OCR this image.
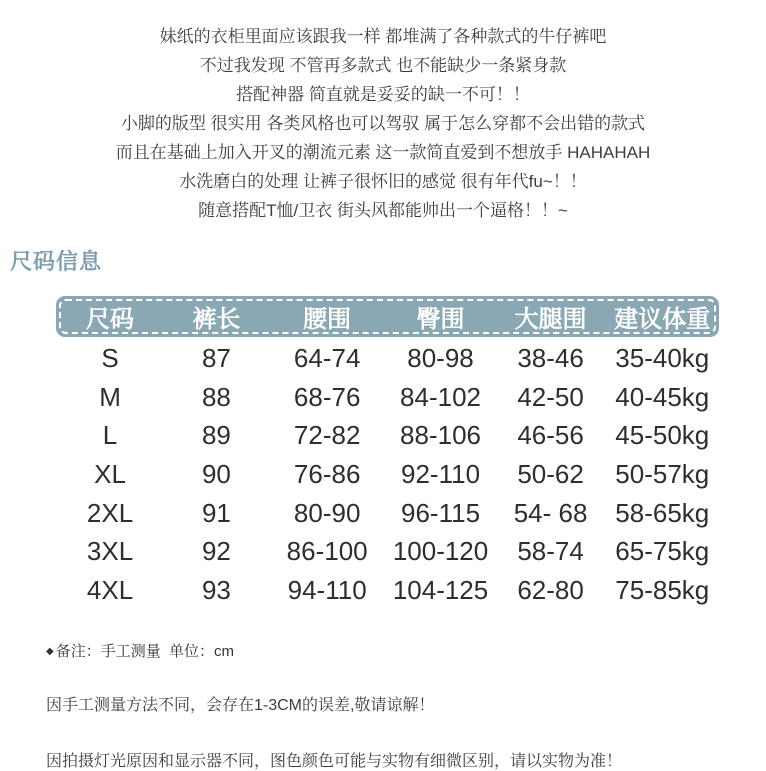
妹纸的衣柜里面应该跟我一样 都堆满了各种款式的牛仔裤吧

不过我发现 不管再多款式 也不能缺少一条紧身款

搭配神器 简直就是妥妥的缺一不可！！

小脚的版型 很实用 各类风格也可以驾驭 属于怎么穿都不会出错的款式

而且在基础上加入开叉的潮流元素 这一款简直爱到不想放手 HAHAHAH

水洗磨白的处理 让裤子很怀旧的感觉 很有年代fu~！！

随意搭配T恤/卫衣 街头风都能帅出一个逼格！！~

尺码信息
尺码	裤长	腰围	臀围	大腿围	建议体重
S	87	64-74	80-98	38-46	35-40kg
M	88	68-76	84-102	42-50	40-45kg
L	89	72-82	88-106	46-56	45-50kg
XL	90	76-86	92-110	50-62	50-57kg
2XL	91	80-90	96-115	54- 68	58-65kg
3XL	92	86-100 100-120	58-74	65-75kg
4XL	93	94-110	104-125	62-80	75-85kg
◆ 备注：手工测量  单位：cm
因手工测量方法不同，会存在1-3CM的误差,敬请谅解！
因拍摄灯光原因和显示器不同，图色颜色可能与实物有细微区别，请以实物为准！
